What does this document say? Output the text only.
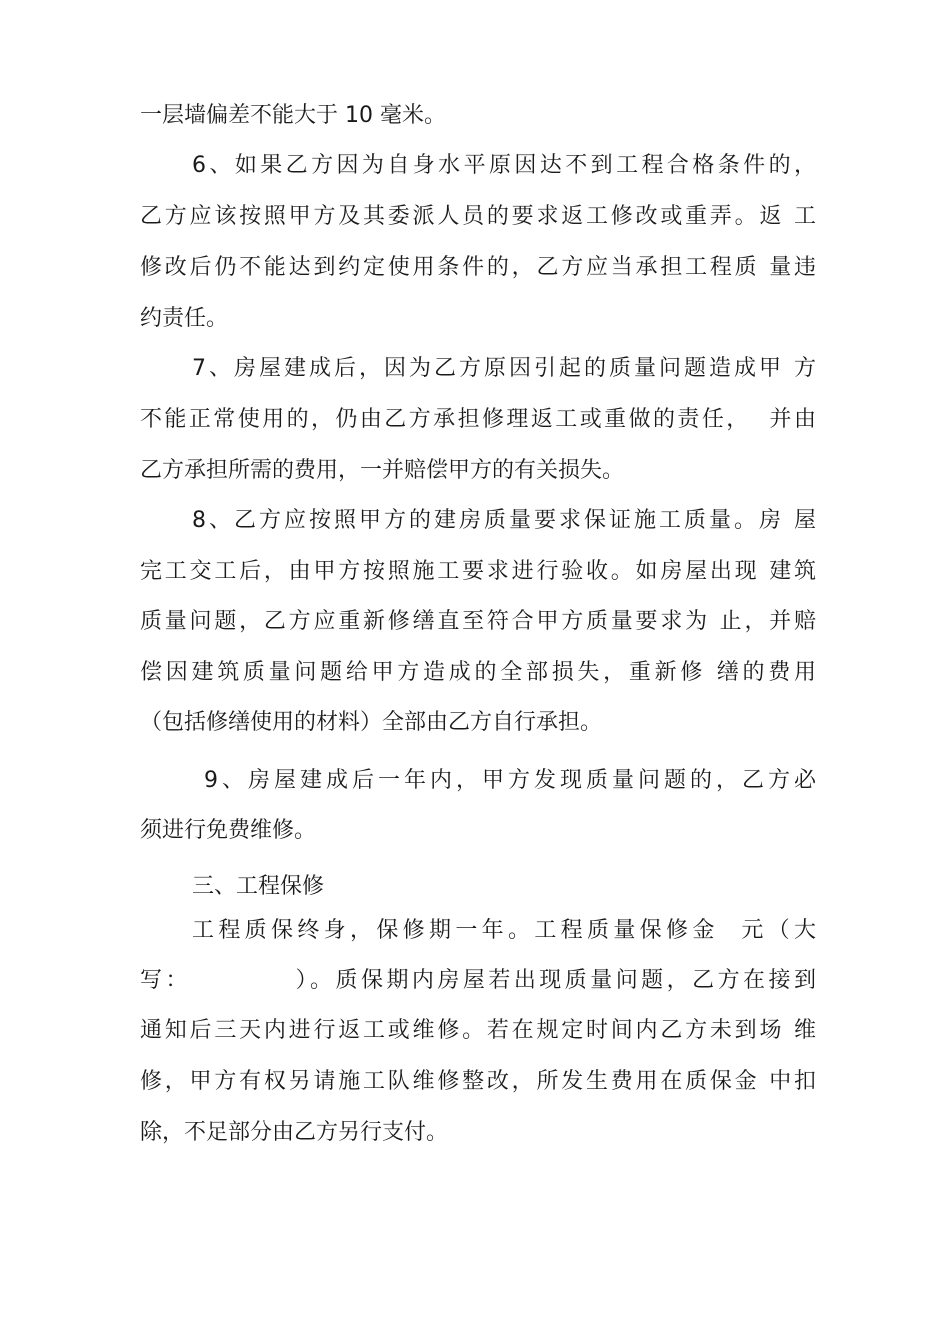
一层墙偏差不能大于 10 毫米。
6、如果乙方因为自身水平原因达不到工程合格条件的，
乙方应该按照甲方及其委派人员的要求返工修改或重弄。返 工
修改后仍不能达到约定使用条件的，乙方应当承担工程质 量违
约责任。
7、房屋建成后，因为乙方原因引起的质量问题造成甲 方
不能正常使用的，仍由乙方承担修理返工或重做的责任，  并由
乙方承担所需的费用，一并赔偿甲方的有关损失。
8、乙方应按照甲方的建房质量要求保证施工质量。房 屋
完工交工后，由甲方按照施工要求进行验收。如房屋出现 建筑
质量问题，乙方应重新修缮直至符合甲方质量要求为 止，并赔
偿因建筑质量问题给甲方造成的全部损失，重新修 缮的费用
（包括修缮使用的材料）全部由乙方自行承担。
9、房屋建成后一年内，甲方发现质量问题的，乙方必
须进行免费维修。
三、工程保修
工程质保终身，保修期一年。工程质量保修金  元（大
写：          ）。质保期内房屋若出现质量问题，乙方在接到
通知后三天内进行返工或维修。若在规定时间内乙方未到场 维
修，甲方有权另请施工队维修整改，所发生费用在质保金 中扣
除，不足部分由乙方另行支付。
